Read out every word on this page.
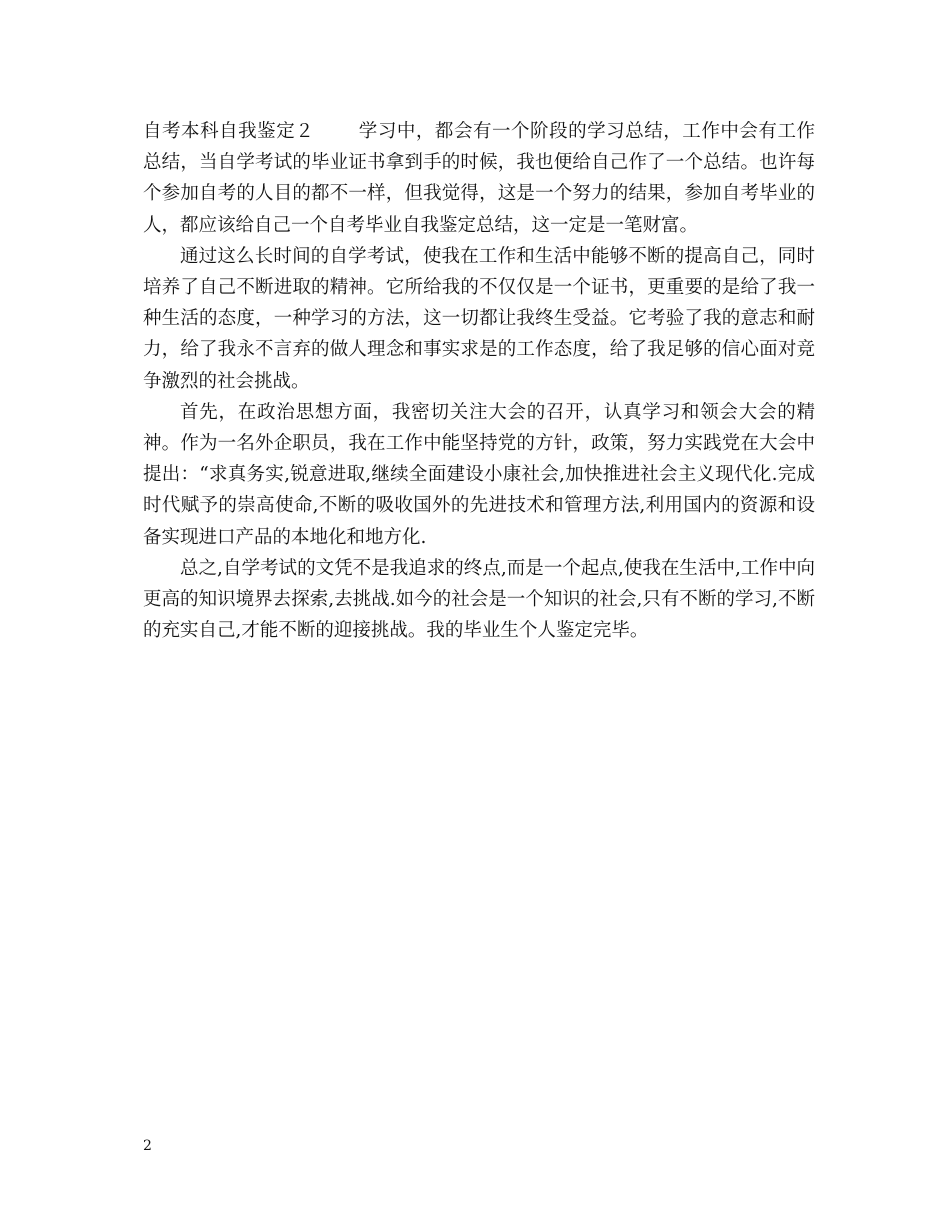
自考本科自我鉴定２ 学习中，都会有一个阶段的学习总结，工作中会有工作总结，当自学考试的毕业证书拿到手的时候，我也便给自己作了一个总结。也许每个参加自考的人目的都不一样，但我觉得，这是一个努力的结果，参加自考毕业的人，都应该给自己一个自考毕业自我鉴定总结，这一定是一笔财富。

通过这么长时间的自学考试，使我在工作和生活中能够不断的提高自己，同时培养了自己不断进取的精神。它所给我的不仅仅是一个证书，更重要的是给了我一种生活的态度，一种学习的方法，这一切都让我终生受益。它考验了我的意志和耐力，给了我永不言弃的做人理念和事实求是的工作态度，给了我足够的信心面对竞争激烈的社会挑战。

首先，在政治思想方面，我密切关注大会的召开，认真学习和领会大会的精神。作为一名外企职员，我在工作中能坚持党的方针，政策，努力实践党在大会中提出：“求真务实,锐意进取,继续全面建设小康社会,加快推进社会主义现代化.完成时代赋予的崇高使命,不断的吸收国外的先进技术和管理方法,利用国内的资源和设备实现进口产品的本地化和地方化.

总之,自学考试的文凭不是我追求的终点,而是一个起点,使我在生活中,工作中向更高的知识境界去探索,去挑战.如今的社会是一个知识的社会,只有不断的学习,不断的充实自己,才能不断的迎接挑战。我的毕业生个人鉴定完毕。

2
